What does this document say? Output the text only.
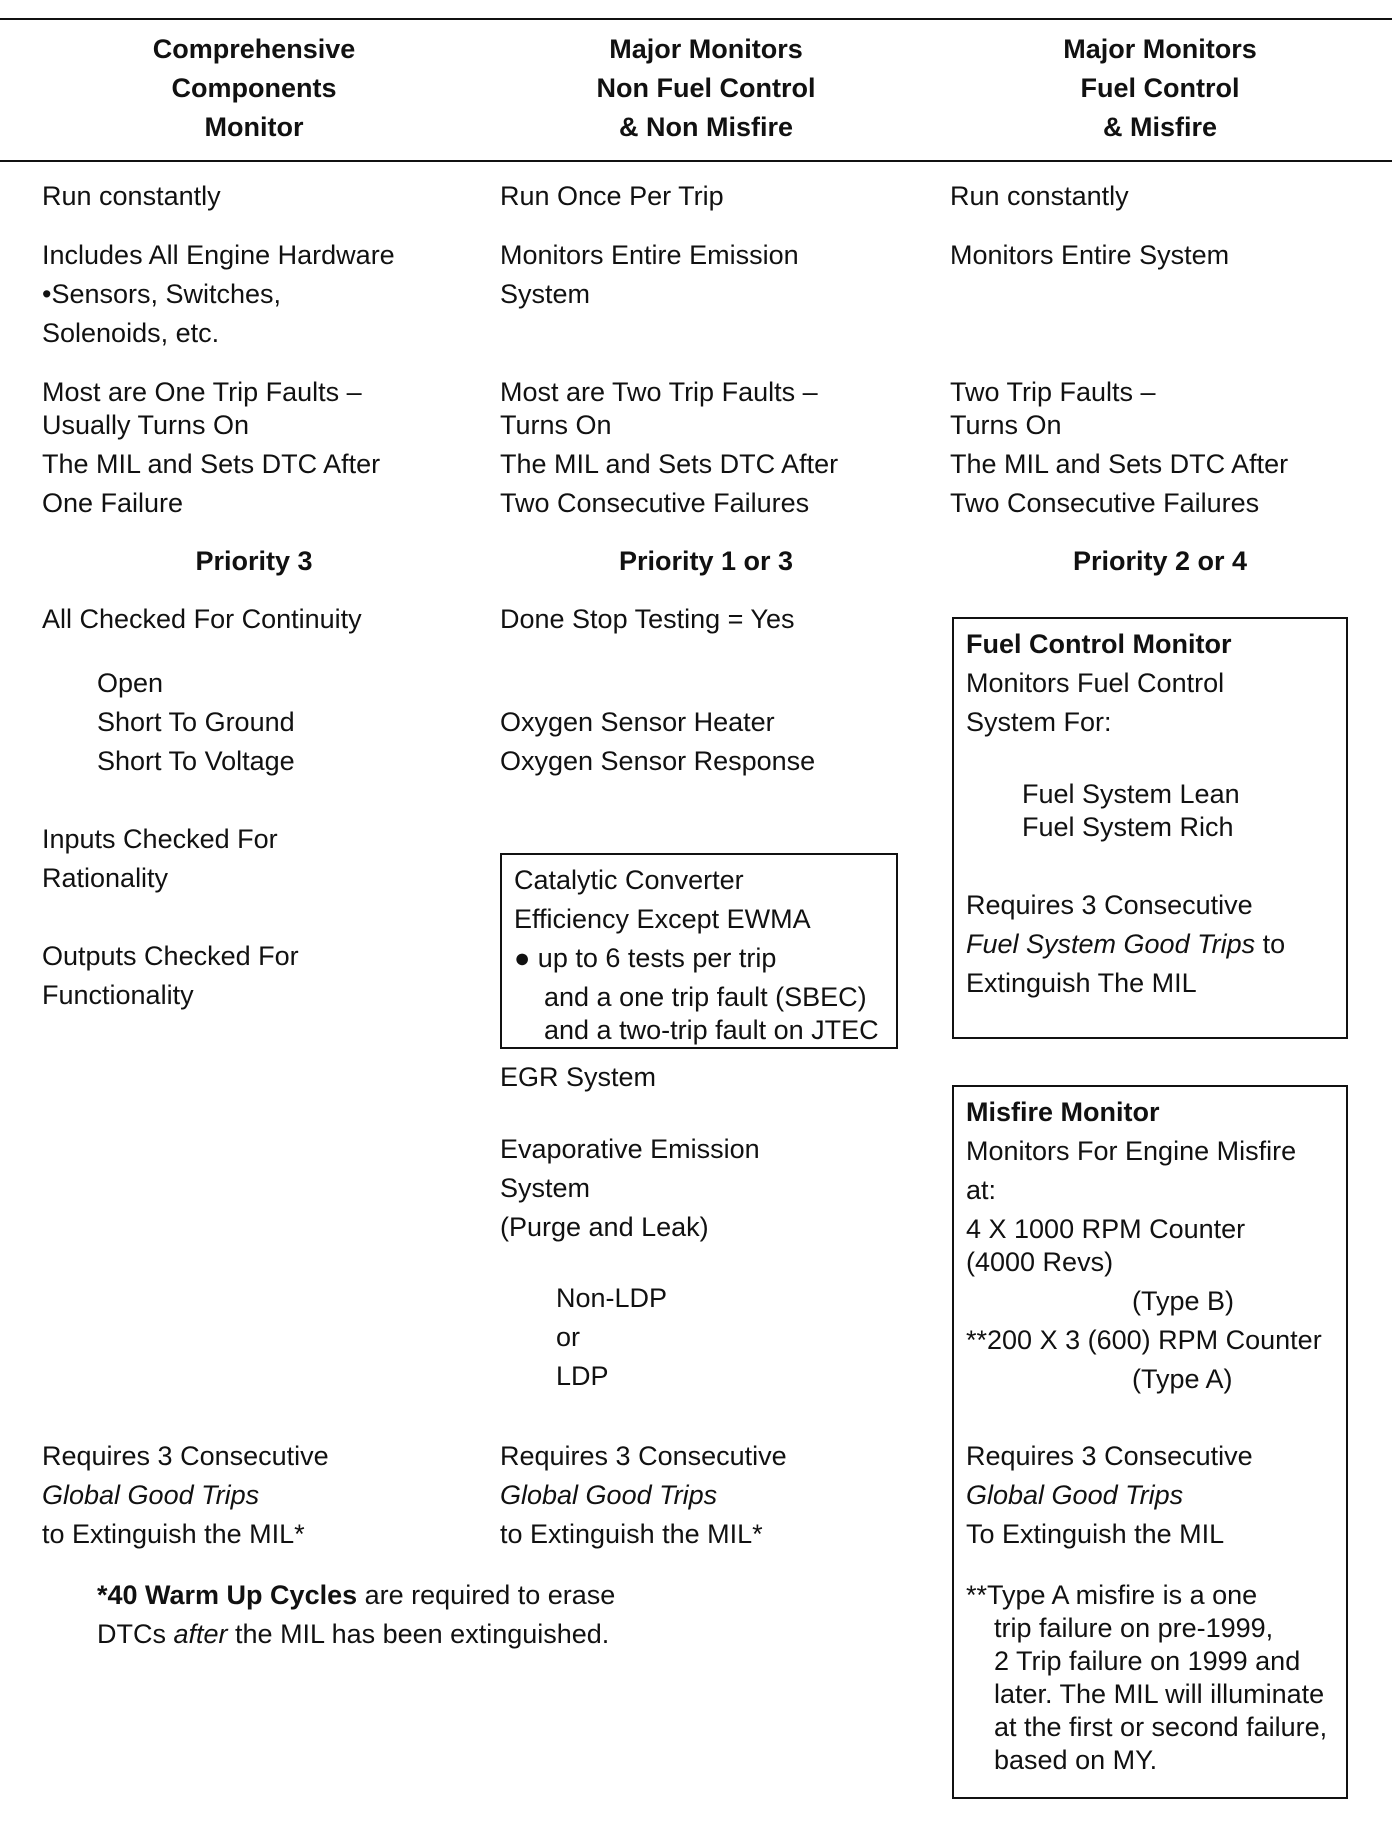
Comprehensive
Components
Monitor
Major Monitors
Non Fuel Control
& Non Misfire
Major Monitors
Fuel Control
& Misfire
Run constantly
Includes All Engine Hardware
•Sensors, Switches,
Solenoids, etc.
Most are One Trip Faults –
Usually Turns On
The MIL and Sets DTC After
One Failure
Priority 3
All Checked For Continuity
Open
Short To Ground
Short To Voltage
Inputs Checked For
Rationality
Outputs Checked For
Functionality
Requires 3 Consecutive
Global Good Trips
to Extinguish the MIL*
Run Once Per Trip
Monitors Entire Emission
System
Most are Two Trip Faults –
Turns On
The MIL and Sets DTC After
Two Consecutive Failures
Priority 1 or 3
Done Stop Testing = Yes
Oxygen Sensor Heater
Oxygen Sensor Response
Catalytic Converter
Efficiency Except EWMA
● up to 6 tests per trip
and a one trip fault (SBEC)
and a two-trip fault on JTEC
EGR System
Evaporative Emission
System
(Purge and Leak)
Non-LDP
or
LDP
Requires 3 Consecutive
Global Good Trips
to Extinguish the MIL*
Run constantly
Monitors Entire System
Two Trip Faults –
Turns On
The MIL and Sets DTC After
Two Consecutive Failures
Priority 2 or 4
Fuel Control Monitor
Monitors Fuel Control
System For:
Fuel System Lean
Fuel System Rich
Requires 3 Consecutive
Fuel System Good Trips to
Extinguish The MIL
Misfire Monitor
Monitors For Engine Misfire
at:
4 X 1000 RPM Counter
(4000 Revs)
(Type B)
**200 X 3 (600) RPM Counter
(Type A)
Requires 3 Consecutive
Global Good Trips
To Extinguish the MIL
**Type A misfire is a one
trip failure on pre-1999,
2 Trip failure on 1999 and
later. The MIL will illuminate
at the first or second failure,
based on MY.
*40 Warm Up Cycles are required to erase
DTCs after the MIL has been extinguished.
